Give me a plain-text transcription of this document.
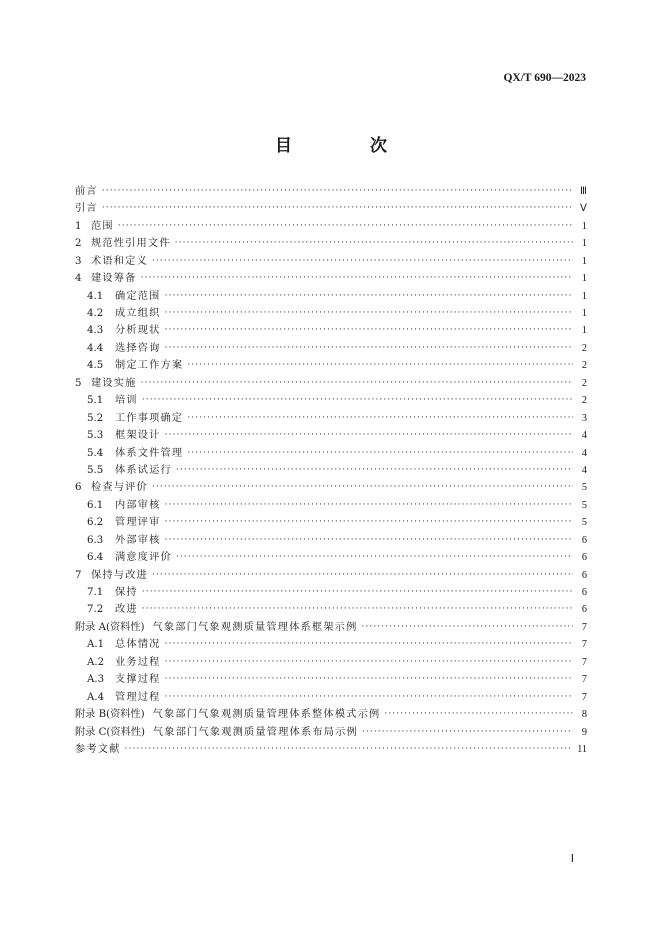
QX/T 690—2023
目 次
前言 ·····	Ⅲ
引言 ·····	Ⅴ
1 范围 ·····	1
2 规范性引用文件 ·····	1
3 术语和定义 ·····	1
4 建设筹备 ·····	1
4.1	确定范围 ·····	1
4.2	成立组织 ·····	1
4.3	分析现状 ·····	1
4.4	选择咨询 ·····	2
4.5	制定工作方案 ·····	2
5 建设实施 ·····	2
5.1	培训 ·····	2
5.2	工作事项确定 ·····	3
5.3	框架设计 ·····	4
5.4	体系文件管理 ·····	4
5.5	体系试运行 ·····	4
6 检查与评价 ·····	5
6.1	内部审核 ·····	5
6.2	管理评审 ·····	5
6.3	外部审核 ·····	6
6.4	满意度评价 ·····	6
7 保持与改进 ·····	6
7.1	保持 ·····	6
7.2	改进 ·····	6
附录 A(资料性) 气象部门气象观测质量管理体系框架示例 ·····	7
A.1	总体情况 ·····	7
A.2	业务过程 ·····	7
A.3	支撑过程 ·····	7
A.4	管理过程 ·····	7
附录 B(资料性) 气象部门气象观测质量管理体系整体模式示例 ·····	8
附录 C(资料性) 气象部门气象观测质量管理体系布局示例 ·····	9
参考文献 ·····	11
Ⅰ
